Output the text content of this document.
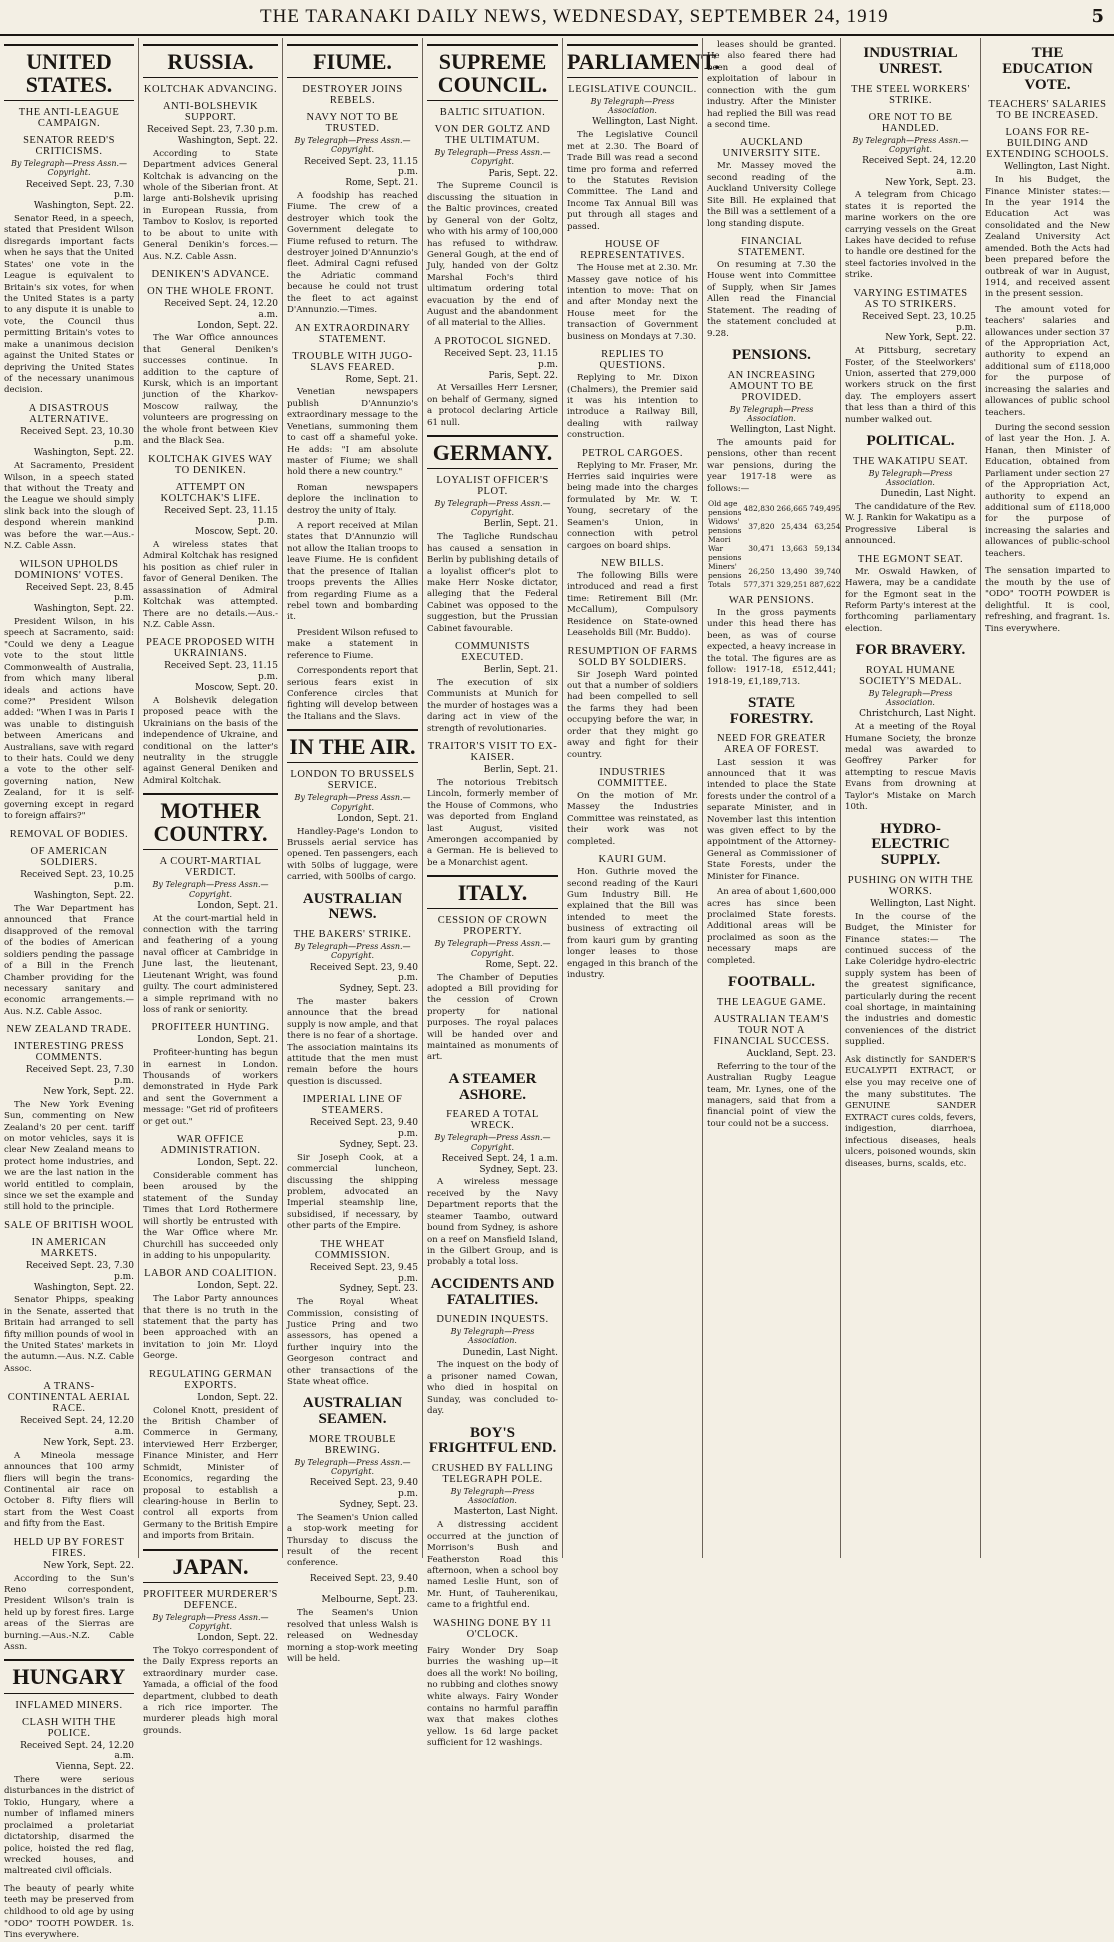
THE TARANAKI DAILY NEWS, WEDNESDAY, SEPTEMBER 24, 1919	5
UNITED STATES.
THE ANTI-LEAGUE CAMPAIGN.
SENATOR REED'S CRITICISMS.

By Telegraph—Press Assn.—Copyright.

Received Sept. 23, 7.30 p.m.

Washington, Sept. 22.

Senator Reed, in a speech, stated that President Wilson disregards important facts when he says that the United States' one vote in the League is equivalent to Britain's six votes, for when the United States is a party to any dispute it is unable to vote, the Council thus permitting Britain's votes to make a unanimous decision against the United States or depriving the United States of the necessary unanimous decision.

A DISASTROUS ALTERNATIVE.

Received Sept. 23, 10.30 p.m.

Washington, Sept. 22.

At Sacramento, President Wilson, in a speech stated that without the Treaty and the League we should simply slink back into the slough of despond wherein mankind was before the war.—Aus.-N.Z. Cable Assn.

WILSON UPHOLDS DOMINIONS' VOTES.

Received Sept. 23, 8.45 p.m.

Washington, Sept. 22.

President Wilson, in his speech at Sacramento, said: "Could we deny a League vote to the stout little Commonwealth of Australia, from which many liberal ideals and actions have come?" President Wilson added: "When I was in Paris I was unable to distinguish between Americans and Australians, save with regard to their hats. Could we deny a vote to the other self-governing nation, New Zealand, for it is self-governing except in regard to foreign affairs?"

REMOVAL OF BODIES.
OF AMERICAN SOLDIERS.

Received Sept. 23, 10.25 p.m.

Washington, Sept. 22.

The War Department has announced that France disapproved of the removal of the bodies of American soldiers pending the passage of a Bill in the French Chamber providing for the necessary sanitary and economic arrangements.—Aus. N.Z. Cable Assoc.

NEW ZEALAND TRADE.
INTERESTING PRESS COMMENTS.

Received Sept. 23, 7.30 p.m.

New York, Sept. 22.

The New York Evening Sun, commenting on New Zealand's 20 per cent. tariff on motor vehicles, says it is clear New Zealand means to protect home industries, and we are the last nation in the world entitled to complain, since we set the example and still hold to the principle.

SALE OF BRITISH WOOL
IN AMERICAN MARKETS.

Received Sept. 23, 7.30 p.m.

Washington, Sept. 22.

Senator Phipps, speaking in the Senate, asserted that Britain had arranged to sell fifty million pounds of wool in the United States' markets in the autumn.—Aus. N.Z. Cable Assoc.

A TRANS-CONTINENTAL AERIAL RACE.

Received Sept. 24, 12.20 a.m.

New York, Sept. 23.

A Mineola message announces that 100 army fliers will begin the trans-Continental air race on October 8. Fifty fliers will start from the West Coast and fifty from the East.

HELD UP BY FOREST FIRES.

New York, Sept. 22.

According to the Sun's Reno correspondent, President Wilson's train is held up by forest fires. Large areas of the Sierras are burning.—Aus.-N.Z. Cable Assn.

HUNGARY
INFLAMED MINERS.
CLASH WITH THE POLICE.

Received Sept. 24, 12.20 a.m.

Vienna, Sept. 22.

There were serious disturbances in the district of Tokio, Hungary, where a number of inflamed miners proclaimed a proletariat dictatorship, disarmed the police, hoisted the red flag, wrecked houses, and maltreated civil officials.

The beauty of pearly white teeth may be preserved from childhood to old age by using "ODO" TOOTH POWDER. 1s. Tins everywhere.

RUSSIA.
KOLTCHAK ADVANCING.
ANTI-BOLSHEVIK SUPPORT.

Received Sept. 23, 7.30 p.m.

Washington, Sept. 22.

According to State Department advices General Koltchak is advancing on the whole of the Siberian front. At large anti-Bolshevik uprising in European Russia, from Tambov to Koslov, is reported to be about to unite with General Denikin's forces.—Aus. N.Z. Cable Assn.

DENIKEN'S ADVANCE.
ON THE WHOLE FRONT.

Received Sept. 24, 12.20 a.m.

London, Sept. 22.

The War Office announces that General Deniken's successes continue. In addition to the capture of Kursk, which is an important junction of the Kharkov-Moscow railway, the volunteers are progressing on the whole front between Kiev and the Black Sea.

KOLTCHAK GIVES WAY TO DENIKEN.
ATTEMPT ON KOLTCHAK'S LIFE.

Received Sept. 23, 11.15 p.m.

Moscow, Sept. 20.

A wireless states that Admiral Koltchak has resigned his position as chief ruler in favor of General Deniken. The assassination of Admiral Koltchak was attempted. There are no details.—Aus.-N.Z. Cable Assn.

PEACE PROPOSED WITH UKRAINIANS.

Received Sept. 23, 11.15 p.m.

Moscow, Sept. 20.

A Bolshevik delegation proposed peace with the Ukrainians on the basis of the independence of Ukraine, and conditional on the latter's neutrality in the struggle against General Deniken and Admiral Koltchak.

MOTHER COUNTRY.
A COURT-MARTIAL VERDICT.

By Telegraph—Press Assn.—Copyright.

London, Sept. 21.

At the court-martial held in connection with the tarring and feathering of a young naval officer at Cambridge in June last, the lieutenant, Lieutenant Wright, was found guilty. The court administered a simple reprimand with no loss of rank or seniority.

PROFITEER HUNTING.

London, Sept. 21.

Profiteer-hunting has begun in earnest in London. Thousands of workers demonstrated in Hyde Park and sent the Government a message: "Get rid of profiteers or get out."

WAR OFFICE ADMINISTRATION.

London, Sept. 22.

Considerable comment has been aroused by the statement of the Sunday Times that Lord Rothermere will shortly be entrusted with the War Office where Mr. Churchill has succeeded only in adding to his unpopularity.

LABOR AND COALITION.

London, Sept. 22.

The Labor Party announces that there is no truth in the statement that the party has been approached with an invitation to join Mr. Lloyd George.

REGULATING GERMAN EXPORTS.

London, Sept. 22.

Colonel Knott, president of the British Chamber of Commerce in Germany, interviewed Herr Erzberger, Finance Minister, and Herr Schmidt, Minister of Economics, regarding the proposal to establish a clearing-house in Berlin to control all exports from Germany to the British Empire and imports from Britain.

JAPAN.
PROFITEER MURDERER'S DEFENCE.

By Telegraph—Press Assn.—Copyright.

London, Sept. 22.

The Tokyo correspondent of the Daily Express reports an extraordinary murder case. Yamada, a official of the food department, clubbed to death a rich rice importer. The murderer pleads high moral grounds.

FIUME.
DESTROYER JOINS REBELS.
NAVY NOT TO BE TRUSTED.

By Telegraph—Press Assn.—Copyright.

Received Sept. 23, 11.15 p.m.

Rome, Sept. 21.

A foodship has reached Fiume. The crew of a destroyer which took the Government delegate to Fiume refused to return. The destroyer joined D'Annunzio's fleet. Admiral Cagni refused the Adriatic command because he could not trust the fleet to act against D'Annunzio.—Times.

AN EXTRAORDINARY STATEMENT.
TROUBLE WITH JUGO-SLAVS FEARED.

Rome, Sept. 21.

Venetian newspapers publish D'Annunzio's extraordinary message to the Venetians, summoning them to cast off a shameful yoke. He adds: "I am absolute master of Fiume; we shall hold there a new country."

Roman newspapers deplore the inclination to destroy the unity of Italy.

A report received at Milan states that D'Annunzio will not allow the Italian troops to leave Fiume. He is confident that the presence of Italian troops prevents the Allies from regarding Fiume as a rebel town and bombarding it.

President Wilson refused to make a statement in reference to Fiume.

Correspondents report that serious fears exist in Conference circles that fighting will develop between the Italians and the Slavs.

IN THE AIR.
LONDON TO BRUSSELS SERVICE.

By Telegraph—Press Assn.—Copyright.

London, Sept. 21.

Handley-Page's London to Brussels aerial service has opened. Ten passengers, each with 50lbs of luggage, were carried, with 500lbs of cargo.

AUSTRALIAN NEWS.
THE BAKERS' STRIKE.

By Telegraph—Press Assn.—Copyright.

Received Sept. 23, 9.40 p.m.

Sydney, Sept. 23.

The master bakers announce that the bread supply is now ample, and that there is no fear of a shortage. The association maintains its attitude that the men must remain before the hours question is discussed.

IMPERIAL LINE OF STEAMERS.

Received Sept. 23, 9.40 p.m.

Sydney, Sept. 23.

Sir Joseph Cook, at a commercial luncheon, discussing the shipping problem, advocated an Imperial steamship line, subsidised, if necessary, by other parts of the Empire.

THE WHEAT COMMISSION.

Received Sept. 23, 9.45 p.m.

Sydney, Sept. 23.

The Royal Wheat Commission, consisting of Justice Pring and two assessors, has opened a further inquiry into the Georgeson contract and other transactions of the State wheat office.

AUSTRALIAN SEAMEN.
MORE TROUBLE BREWING.

By Telegraph—Press Assn.—Copyright.

Received Sept. 23, 9.40 p.m.

Sydney, Sept. 23.

The Seamen's Union called a stop-work meeting for Thursday to discuss the result of the recent conference.

Received Sept. 23, 9.40 p.m.

Melbourne, Sept. 23.

The Seamen's Union resolved that unless Walsh is released on Wednesday morning a stop-work meeting will be held.

SUPREME COUNCIL.
BALTIC SITUATION.
VON DER GOLTZ AND THE ULTIMATUM.

By Telegraph—Press Assn.—Copyright.

Paris, Sept. 22.

The Supreme Council is discussing the situation in the Baltic provinces, created by General von der Goltz, who with his army of 100,000 has refused to withdraw. General Gough, at the end of July, handed von der Goltz Marshal Foch's third ultimatum ordering total evacuation by the end of August and the abandonment of all material to the Allies.

A PROTOCOL SIGNED.

Received Sept. 23, 11.15 p.m.

Paris, Sept. 22.

At Versailles Herr Lersner, on behalf of Germany, signed a protocol declaring Article 61 null.

GERMANY.
LOYALIST OFFICER'S PLOT.

By Telegraph—Press Assn.—Copyright.

Berlin, Sept. 21.

The Tagliche Rundschau has caused a sensation in Berlin by publishing details of a loyalist officer's plot to make Herr Noske dictator, alleging that the Federal Cabinet was opposed to the suggestion, but the Prussian Cabinet favourable.

COMMUNISTS EXECUTED.

Berlin, Sept. 21.

The execution of six Communists at Munich for the murder of hostages was a daring act in view of the strength of revolutionaries.

TRAITOR'S VISIT TO EX-KAISER.

Berlin, Sept. 21.

The notorious Trebitsch Lincoln, formerly member of the House of Commons, who was deported from England last August, visited Amerongen accompanied by a German. He is believed to be a Monarchist agent.

ITALY.
CESSION OF CROWN PROPERTY.

By Telegraph—Press Assn.—Copyright.

Rome, Sept. 22.

The Chamber of Deputies adopted a Bill providing for the cession of Crown property for national purposes. The royal palaces will be handed over and maintained as monuments of art.

A STEAMER ASHORE.
FEARED A TOTAL WRECK.

By Telegraph—Press Assn.—Copyright.

Received Sept. 24, 1 a.m.

Sydney, Sept. 23.

A wireless message received by the Navy Department reports that the steamer Taambo, outward bound from Sydney, is ashore on a reef on Mansfield Island, in the Gilbert Group, and is probably a total loss.

ACCIDENTS AND FATALITIES.
DUNEDIN INQUESTS.

By Telegraph—Press Association.

Dunedin, Last Night.

The inquest on the body of a prisoner named Cowan, who died in hospital on Sunday, was concluded to-day.

BOY'S FRIGHTFUL END.
CRUSHED BY FALLING TELEGRAPH POLE.

By Telegraph—Press Association.

Masterton, Last Night.

A distressing accident occurred at the junction of Morrison's Bush and Featherston Road this afternoon, when a school boy named Leslie Hunt, son of Mr. Hunt, of Tauherenikau, came to a frightful end.

WASHING DONE BY 11 O'CLOCK.

Fairy Wonder Dry Soap burries the washing up—it does all the work! No boiling, no rubbing and clothes snowy white always. Fairy Wonder contains no harmful paraffin wax that makes clothes yellow. 1s 6d large packet sufficient for 12 washings.

PARLIAMENT.
LEGISLATIVE COUNCIL.

By Telegraph—Press Association.

Wellington, Last Night.

The Legislative Council met at 2.30. The Board of Trade Bill was read a second time pro forma and referred to the Statutes Revision Committee. The Land and Income Tax Annual Bill was put through all stages and passed.

HOUSE OF REPRESENTATIVES.

The House met at 2.30. Mr. Massey gave notice of his intention to move: That on and after Monday next the House meet for the transaction of Government business on Mondays at 7.30.

REPLIES TO QUESTIONS.

Replying to Mr. Dixon (Chalmers), the Premier said it was his intention to introduce a Railway Bill, dealing with railway construction.

PETROL CARGOES.

Replying to Mr. Fraser, Mr. Herries said inquiries were being made into the charges formulated by Mr. W. T. Young, secretary of the Seamen's Union, in connection with petrol cargoes on board ships.

NEW BILLS.

The following Bills were introduced and read a first time: Retirement Bill (Mr. McCallum), Compulsory Residence on State-owned Leaseholds Bill (Mr. Buddo).

RESUMPTION OF FARMS SOLD BY SOLDIERS.

Sir Joseph Ward pointed out that a number of soldiers had been compelled to sell the farms they had been occupying before the war, in order that they might go away and fight for their country.

INDUSTRIES COMMITTEE.

On the motion of Mr. Massey the Industries Committee was reinstated, as their work was not completed.

KAURI GUM.

Hon. Guthrie moved the second reading of the Kauri Gum Industry Bill. He explained that the Bill was intended to meet the business of extracting oil from kauri gum by granting longer leases to those engaged in this branch of the industry.

leases should be granted. He also feared there had been a good deal of exploitation of labour in connection with the gum industry. After the Minister had replied the Bill was read a second time.

AUCKLAND UNIVERSITY SITE.

Mr. Massey moved the second reading of the Auckland University College Site Bill. He explained that the Bill was a settlement of a long standing dispute.

FINANCIAL STATEMENT.

On resuming at 7.30 the House went into Committee of Supply, when Sir James Allen read the Financial Statement. The reading of the statement concluded at 9.28.

PENSIONS.
AN INCREASING AMOUNT TO BE PROVIDED.

By Telegraph—Press Association.

Wellington, Last Night.

The amounts paid for pensions, other than recent war pensions, during the year 1917-18 were as follows:—

Old age pensions	482,830	266,665	749,495
Widows' pensions	37,820	25,434	63,254
Maori War pensions	30,471	13,663	59,134
Miners' pensions	26,250	13,490	39,740
Totals	577,371	329,251	887,622
WAR PENSIONS.

In the gross payments under this head there has been, as was of course expected, a heavy increase in the total. The figures are as follow: 1917-18, £512,441; 1918-19, £1,189,713.

STATE FORESTRY.
NEED FOR GREATER AREA OF FOREST.

Last session it was announced that it was intended to place the State forests under the control of a separate Minister, and in November last this intention was given effect to by the appointment of the Attorney-General as Commissioner of State Forests, under the Minister for Finance.

An area of about 1,600,000 acres has since been proclaimed State forests. Additional areas will be proclaimed as soon as the necessary maps are completed.

FOOTBALL.
THE LEAGUE GAME.
AUSTRALIAN TEAM'S TOUR NOT A FINANCIAL SUCCESS.

Auckland, Sept. 23.

Referring to the tour of the Australian Rugby League team, Mr. Lynes, one of the managers, said that from a financial point of view the tour could not be a success.

INDUSTRIAL UNREST.
THE STEEL WORKERS' STRIKE.
ORE NOT TO BE HANDLED.

By Telegraph—Press Assn.—Copyright.

Received Sept. 24, 12.20 a.m.

New York, Sept. 23.

A telegram from Chicago states it is reported the marine workers on the ore carrying vessels on the Great Lakes have decided to refuse to handle ore destined for the steel factories involved in the strike.

VARYING ESTIMATES AS TO STRIKERS.

Received Sept. 23, 10.25 p.m.

New York, Sept. 22.

At Pittsburg, secretary Foster, of the Steelworkers' Union, asserted that 279,000 workers struck on the first day. The employers assert that less than a third of this number walked out.

POLITICAL.
THE WAKATIPU SEAT.

By Telegraph—Press Association.

Dunedin, Last Night.

The candidature of the Rev. W. J. Rankin for Wakatipu as a Progressive Liberal is announced.

THE EGMONT SEAT.

Mr. Oswald Hawken, of Hawera, may be a candidate for the Egmont seat in the Reform Party's interest at the forthcoming parliamentary election.

FOR BRAVERY.
ROYAL HUMANE SOCIETY'S MEDAL.

By Telegraph—Press Association.

Christchurch, Last Night.

At a meeting of the Royal Humane Society, the bronze medal was awarded to Geoffrey Parker for attempting to rescue Mavis Evans from drowning at Taylor's Mistake on March 10th.

HYDRO-ELECTRIC SUPPLY.
PUSHING ON WITH THE WORKS.

Wellington, Last Night.

In the course of the Budget, the Minister for Finance states:— The continued success of the Lake Coleridge hydro-electric supply system has been of the greatest significance, particularly during the recent coal shortage, in maintaining the industries and domestic conveniences of the district supplied.

Ask distinctly for SANDER'S EUCALYPTI EXTRACT, or else you may receive one of the many substitutes. The GENUINE SANDER EXTRACT cures colds, fevers, indigestion, diarrhoea, infectious diseases, heals ulcers, poisoned wounds, skin diseases, burns, scalds, etc.

THE EDUCATION VOTE.
TEACHERS' SALARIES TO BE INCREASED.
LOANS FOR RE-BUILDING AND EXTENDING SCHOOLS.

Wellington, Last Night.

In his Budget, the Finance Minister states:— In the year 1914 the Education Act was consolidated and the New Zealand University Act amended. Both the Acts had been prepared before the outbreak of war in August, 1914, and received assent in the present session.

The amount voted for teachers' salaries and allowances under section 37 of the Appropriation Act, authority to expend an additional sum of £118,000 for the purpose of increasing the salaries and allowances of public school teachers.

During the second session of last year the Hon. J. A. Hanan, then Minister of Education, obtained from Parliament under section 27 of the Appropriation Act, authority to expend an additional sum of £118,000 for the purpose of increasing the salaries and allowances of public-school teachers.

The sensation imparted to the mouth by the use of "ODO" TOOTH POWDER is delightful. It is cool, refreshing, and fragrant. 1s. Tins everywhere.
